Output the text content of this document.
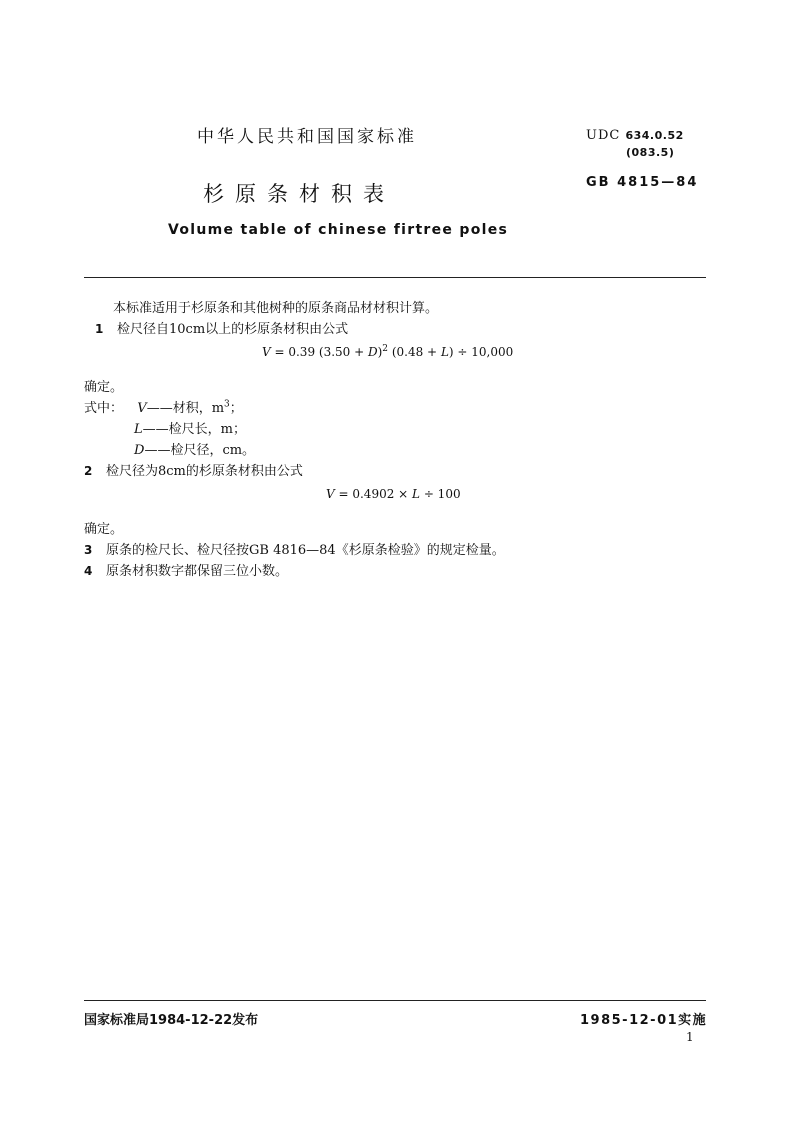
中华人民共和国国家标准
杉原条材积表
Volume table of chinese firtree poles
UDC 634.0.52
(083.5)
GB 4815—84
本标准适用于杉原条和其他树种的原条商品材材积计算。
1 检尺径自10cm以上的杉原条材积由公式
V = 0.39 $(3.50 + D)^2$ (0.48 + L) ÷ 10,000
确定。
式中： V——材积，$m^3$；
L——检尺长，m；
D——检尺径，cm。
2 检尺径为8cm的杉原条材积由公式
V = 0.4902 × L ÷ 100
确定。
3 原条的检尺长、检尺径按GB 4816—84《杉原条检验》的规定检量。
4 原条材积数字都保留三位小数。
国家标准局1984-12-22发布	1985-12-01实施
1
